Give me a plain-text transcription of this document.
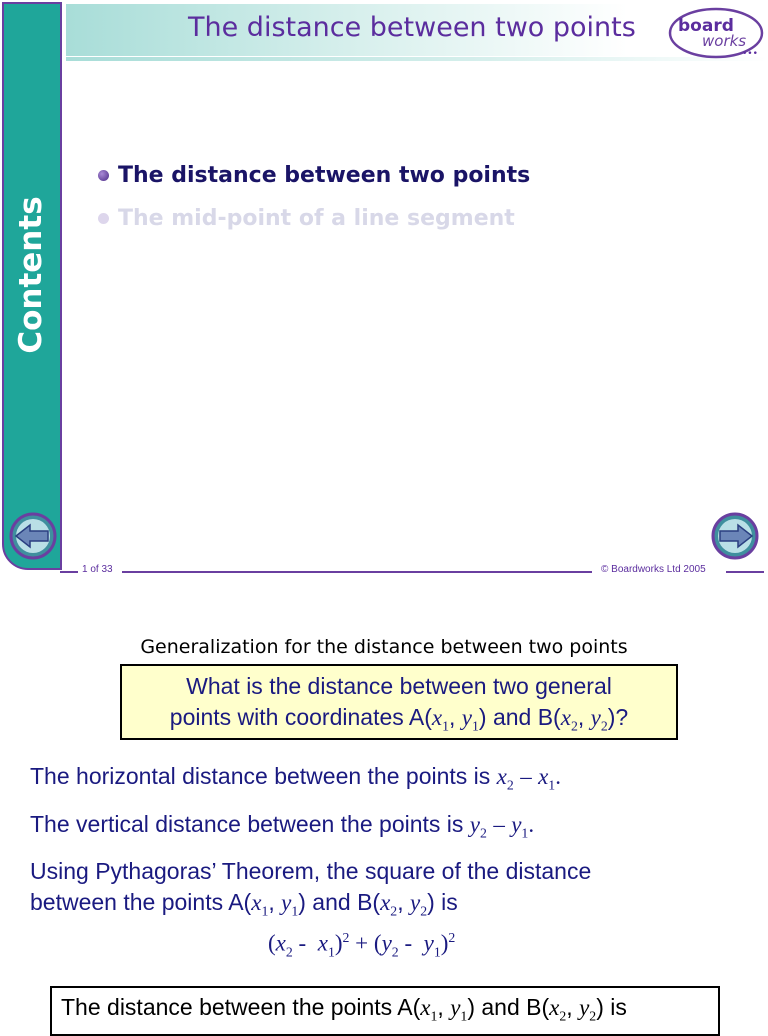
Contents
The distance between two points board
works
•••
The distance between two points
The mid-point of a line segment
1 of 33	© Boardworks Ltd 2005
Generalization for the distance between two points
What is the distance between two general
points with coordinates $A(x_1$, $y_1$) and $B(x_2$, $y_2$)?
The horizontal distance between the points is $x_2 - x_1$.
The vertical distance between the points is $y_2 - y_1$.
Using Pythagoras’ Theorem, the square of the distance
between the points $A(x_1$, $y_1$) and $B(x_2$, $y_2$) is
$(x_2 - x_1)^2 + (y_2 - y_1)^2$
The distance between the points $A(x_1$, $y_1$) and $B(x_2$, $y_2$) is
